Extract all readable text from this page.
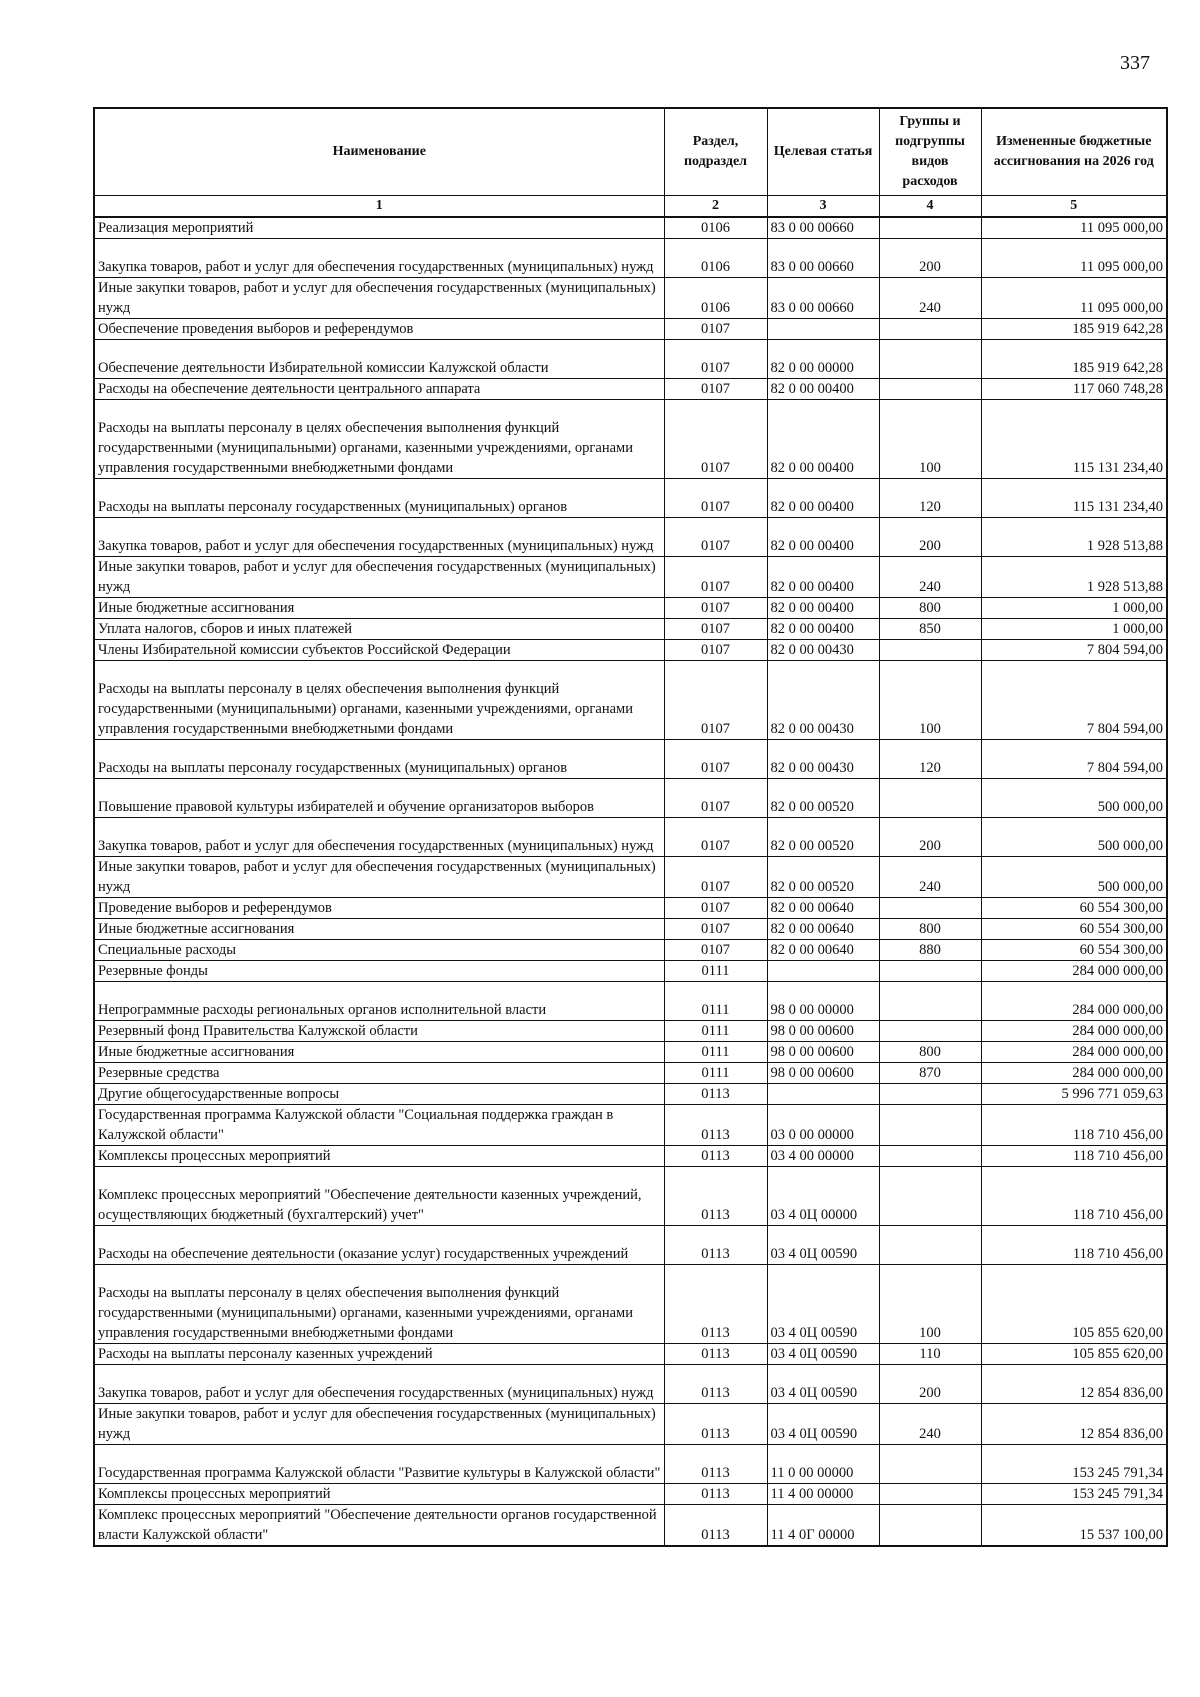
337
Наименование	Раздел, подраздел	Целевая статья	Группы и подгруппы видов расходов	Измененные бюджетные ассигнования на 2026 год
1	2	3	4	5
Реализация мероприятий	0106	83 0 00 00660		11 095 000,00
Закупка товаров, работ и услуг для обеспечения государственных (муниципальных) нужд	0106	83 0 00 00660	200	11 095 000,00
Иные закупки товаров, работ и услуг для обеспечения государственных (муниципальных) нужд	0106	83 0 00 00660	240	11 095 000,00
Обеспечение проведения выборов и референдумов	0107			185 919 642,28
Обеспечение деятельности Избирательной комиссии Калужской области	0107	82 0 00 00000		185 919 642,28
Расходы на обеспечение деятельности центрального аппарата	0107	82 0 00 00400		117 060 748,28
Расходы на выплаты персоналу в целях обеспечения выполнения функций государственными (муниципальными) органами, казенными учреждениями, органами управления государственными внебюджетными фондами	0107	82 0 00 00400	100	115 131 234,40
Расходы на выплаты персоналу государственных (муниципальных) органов	0107	82 0 00 00400	120	115 131 234,40
Закупка товаров, работ и услуг для обеспечения государственных (муниципальных) нужд	0107	82 0 00 00400	200	1 928 513,88
Иные закупки товаров, работ и услуг для обеспечения государственных (муниципальных) нужд	0107	82 0 00 00400	240	1 928 513,88
Иные бюджетные ассигнования	0107	82 0 00 00400	800	1 000,00
Уплата налогов, сборов и иных платежей	0107	82 0 00 00400	850	1 000,00
Члены Избирательной комиссии субъектов Российской Федерации	0107	82 0 00 00430		7 804 594,00
Расходы на выплаты персоналу в целях обеспечения выполнения функций государственными (муниципальными) органами, казенными учреждениями, органами управления государственными внебюджетными фондами	0107	82 0 00 00430	100	7 804 594,00
Расходы на выплаты персоналу государственных (муниципальных) органов	0107	82 0 00 00430	120	7 804 594,00
Повышение правовой культуры избирателей и обучение организаторов выборов	0107	82 0 00 00520		500 000,00
Закупка товаров, работ и услуг для обеспечения государственных (муниципальных) нужд	0107	82 0 00 00520	200	500 000,00
Иные закупки товаров, работ и услуг для обеспечения государственных (муниципальных) нужд	0107	82 0 00 00520	240	500 000,00
Проведение выборов и референдумов	0107	82 0 00 00640		60 554 300,00
Иные бюджетные ассигнования	0107	82 0 00 00640	800	60 554 300,00
Специальные расходы	0107	82 0 00 00640	880	60 554 300,00
Резервные фонды	0111			284 000 000,00
Непрограммные расходы региональных органов исполнительной власти	0111	98 0 00 00000		284 000 000,00
Резервный фонд Правительства Калужской области	0111	98 0 00 00600		284 000 000,00
Иные бюджетные ассигнования	0111	98 0 00 00600	800	284 000 000,00
Резервные средства	0111	98 0 00 00600	870	284 000 000,00
Другие общегосударственные вопросы	0113			5 996 771 059,63
Государственная программа Калужской области "Социальная поддержка граждан в Калужской области"	0113	03 0 00 00000		118 710 456,00
Комплексы процессных мероприятий	0113	03 4 00 00000		118 710 456,00
Комплекс процессных мероприятий "Обеспечение деятельности казенных учреждений, осуществляющих бюджетный (бухгалтерский) учет"	0113	03 4 0Ц 00000		118 710 456,00
Расходы на обеспечение деятельности (оказание услуг) государственных учреждений	0113	03 4 0Ц 00590		118 710 456,00
Расходы на выплаты персоналу в целях обеспечения выполнения функций государственными (муниципальными) органами, казенными учреждениями, органами управления государственными внебюджетными фондами	0113	03 4 0Ц 00590	100	105 855 620,00
Расходы на выплаты персоналу казенных учреждений	0113	03 4 0Ц 00590	110	105 855 620,00
Закупка товаров, работ и услуг для обеспечения государственных (муниципальных) нужд	0113	03 4 0Ц 00590	200	12 854 836,00
Иные закупки товаров, работ и услуг для обеспечения государственных (муниципальных) нужд	0113	03 4 0Ц 00590	240	12 854 836,00
Государственная программа Калужской области "Развитие культуры в Калужской области"	0113	11 0 00 00000		153 245 791,34
Комплексы процессных мероприятий	0113	11 4 00 00000		153 245 791,34
Комплекс процессных мероприятий "Обеспечение деятельности органов государственной власти Калужской области"	0113	11 4 0Г 00000		15 537 100,00
